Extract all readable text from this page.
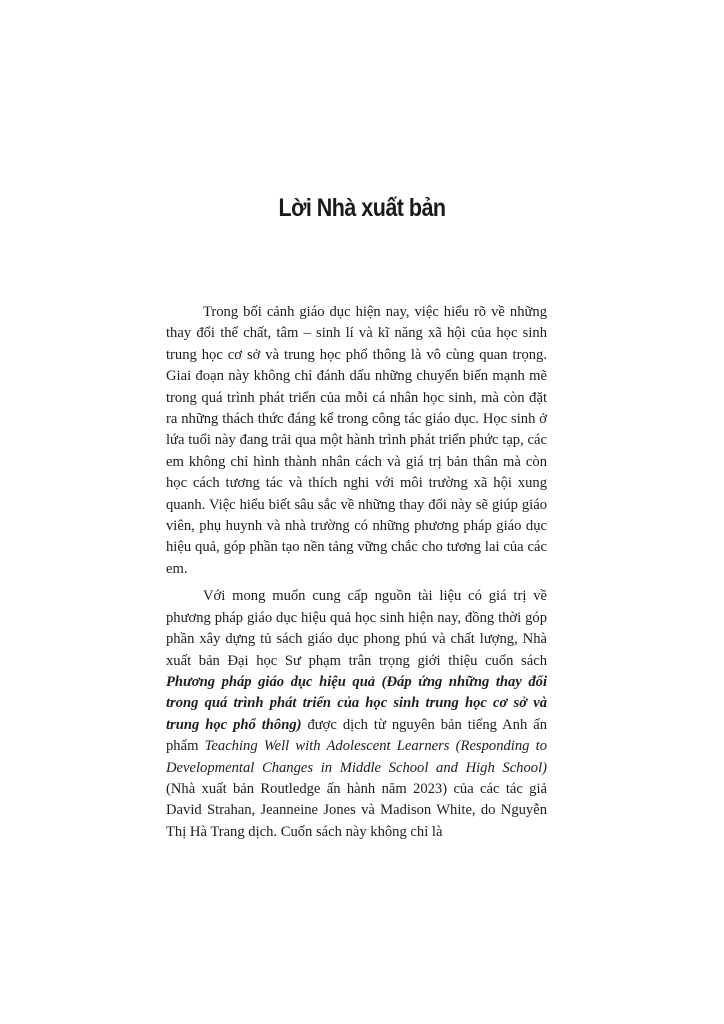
Lời Nhà xuất bản

Trong bối cảnh giáo dục hiện nay, việc hiểu rõ về những thay đổi thể chất, tâm – sinh lí và kĩ năng xã hội của học sinh trung học cơ sở và trung học phổ thông là vô cùng quan trọng. Giai đoạn này không chỉ đánh dấu những chuyển biến mạnh mẽ trong quá trình phát triển của mỗi cá nhân học sinh, mà còn đặt ra những thách thức đáng kể trong công tác giáo dục. Học sinh ở lứa tuổi này đang trải qua một hành trình phát triển phức tạp, các em không chỉ hình thành nhân cách và giá trị bản thân mà còn học cách tương tác và thích nghi với môi trường xã hội xung quanh. Việc hiểu biết sâu sắc về những thay đổi này sẽ giúp giáo viên, phụ huynh và nhà trường có những phương pháp giáo dục hiệu quả, góp phần tạo nền tảng vững chắc cho tương lai của các em.

Với mong muốn cung cấp nguồn tài liệu có giá trị về phương pháp giáo dục hiệu quả học sinh hiện nay, đồng thời góp phần xây dựng tủ sách giáo dục phong phú và chất lượng, Nhà xuất bản Đại học Sư phạm trân trọng giới thiệu cuốn sách Phương pháp giáo dục hiệu quả (Đáp ứng những thay đổi trong quá trình phát triển của học sinh trung học cơ sở và trung học phổ thông) được dịch từ nguyên bản tiếng Anh ấn phẩm Teaching Well with Adolescent Learners (Responding to Developmental Changes in Middle School and High School) (Nhà xuất bản Routledge ấn hành năm 2023) của các tác giả David Strahan, Jeanneine Jones và Madison White, do Nguyễn Thị Hà Trang dịch. Cuốn sách này không chỉ là
